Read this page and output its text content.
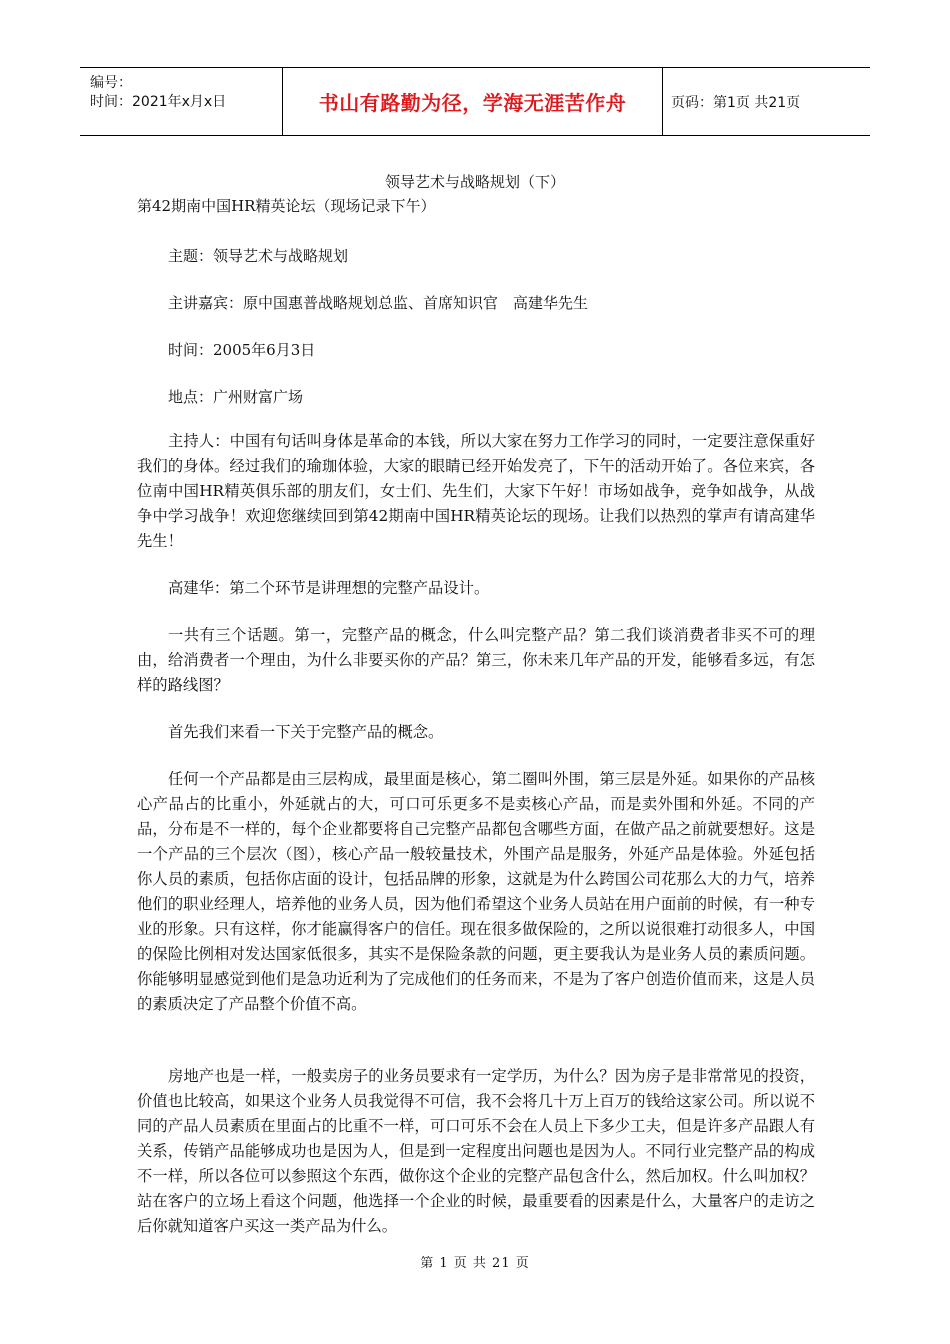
编号：
时间：2021年x月x日	书山有路勤为径，学海无涯苦作舟	页码：第1页 共21页
领导艺术与战略规划（下）
第42期南中国HR精英论坛（现场记录下午）
主题：领导艺术与战略规划
主讲嘉宾：原中国惠普战略规划总监、首席知识官　高建华先生
时间：2005年6月3日
地点：广州财富广场

主持人：中国有句话叫身体是革命的本钱，所以大家在努力工作学习的同时，一定要注意保重好我们的身体。经过我们的瑜珈体验，大家的眼睛已经开始发亮了，下午的活动开始了。各位来宾，各位南中国HR精英俱乐部的朋友们，女士们、先生们，大家下午好！市场如战争，竞争如战争，从战争中学习战争！欢迎您继续回到第42期南中国HR精英论坛的现场。让我们以热烈的掌声有请高建华先生！

高建华：第二个环节是讲理想的完整产品设计。

一共有三个话题。第一，完整产品的概念，什么叫完整产品？第二我们谈消费者非买不可的理由，给消费者一个理由，为什么非要买你的产品？第三，你未来几年产品的开发，能够看多远，有怎样的路线图？

首先我们来看一下关于完整产品的概念。

任何一个产品都是由三层构成，最里面是核心，第二圈叫外围，第三层是外延。如果你的产品核心产品占的比重小，外延就占的大，可口可乐更多不是卖核心产品，而是卖外围和外延。不同的产品，分布是不一样的，每个企业都要将自己完整产品都包含哪些方面，在做产品之前就要想好。这是一个产品的三个层次（图），核心产品一般较量技术，外围产品是服务，外延产品是体验。外延包括你人员的素质，包括你店面的设计，包括品牌的形象，这就是为什么跨国公司花那么大的力气，培养他们的职业经理人，培养他的业务人员，因为他们希望这个业务人员站在用户面前的时候，有一种专业的形象。只有这样，你才能赢得客户的信任。现在很多做保险的，之所以说很难打动很多人，中国的保险比例相对发达国家低很多，其实不是保险条款的问题，更主要我认为是业务人员的素质问题。你能够明显感觉到他们是急功近利为了完成他们的任务而来，不是为了客户创造价值而来，这是人员的素质决定了产品整个价值不高。

房地产也是一样，一般卖房子的业务员要求有一定学历，为什么？因为房子是非常常见的投资，价值也比较高，如果这个业务人员我觉得不可信，我不会将几十万上百万的钱给这家公司。所以说不同的产品人员素质在里面占的比重不一样，可口可乐不会在人员上下多少工夫，但是许多产品跟人有关系，传销产品能够成功也是因为人，但是到一定程度出问题也是因为人。不同行业完整产品的构成不一样，所以各位可以参照这个东西，做你这个企业的完整产品包含什么，然后加权。什么叫加权？站在客户的立场上看这个问题，他选择一个企业的时候，最重要看的因素是什么，大量客户的走访之后你就知道客户买这一类产品为什么。

第 1 页 共 21 页
